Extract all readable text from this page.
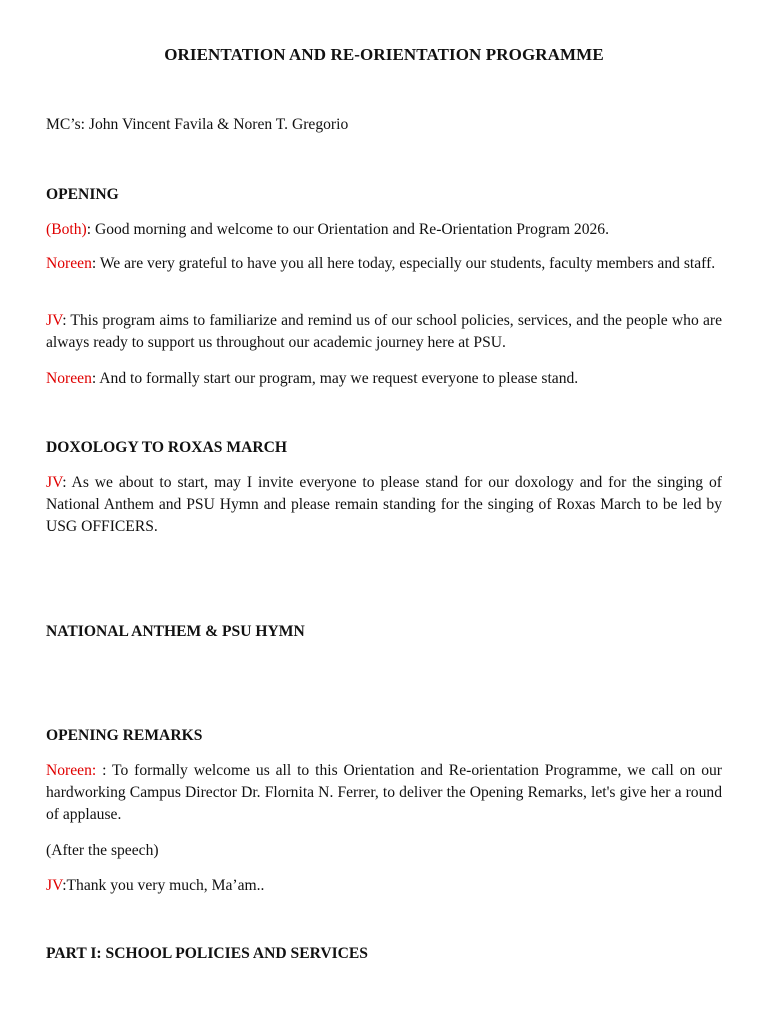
ORIENTATION AND RE-ORIENTATION PROGRAMME
MC’s: John Vincent Favila & Noren T. Gregorio
OPENING
(Both): Good morning and welcome to our Orientation and Re-Orientation Program 2026.
Noreen: We are very grateful to have you all here today, especially our students, faculty members and staff.
JV: This program aims to familiarize and remind us of our school policies, services, and the people who are always ready to support us throughout our academic journey here at PSU.
Noreen: And to formally start our program, may we request everyone to please stand.
DOXOLOGY TO ROXAS MARCH
JV: As we about to start, may I invite everyone to please stand for our doxology and for the singing of National Anthem and PSU Hymn and please remain standing for the singing of Roxas March to be led by USG OFFICERS.
NATIONAL ANTHEM & PSU HYMN
OPENING REMARKS
Noreen: : To formally welcome us all to this Orientation and Re-orientation Programme, we call on our hardworking Campus Director Dr. Flornita N. Ferrer, to deliver the Opening Remarks, let's give her a round of applause.
(After the speech)
JV:Thank you very much, Ma’am..
PART I: SCHOOL POLICIES AND SERVICES
